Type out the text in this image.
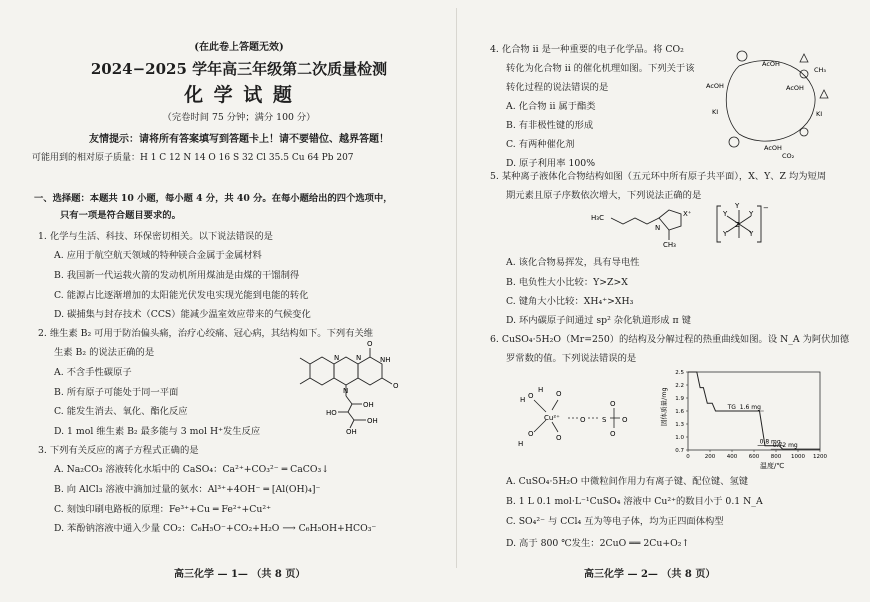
(在此卷上答题无效)
2024−2025 学年高三年级第二次质量检测
化 学 试 题
（完卷时间 75 分钟；满分 100 分）
友情提示：请将所有答案填写到答题卡上！请不要错位、越界答题！
可能用到的相对原子质量：H 1 C 12 N 14 O 16 S 32 Cl 35.5 Cu 64 Pb 207
一、选择题：本题共 10 小题，每小题 4 分，共 40 分。在每小题给出的四个选项中，
只有一项是符合题目要求的。
1. 化学与生活、科技、环保密切相关。以下说法错误的是
A. 应用于航空航天领域的特种镁合金属于金属材料
B. 我国新一代运载火箭的发动机所用煤油是由煤的干馏制得
C. 能源占比逐渐增加的太阳能光伏发电实现光能到电能的转化
D. 碳捕集与封存技术（CCS）能减少温室效应带来的气候变化
2. 维生素 B₂ 可用于防治偏头痛，治疗心绞痛、冠心病，其结构如下。下列有关维
生素 B₂ 的说法正确的是
A. 不含手性碳原子
B. 所有原子可能处于同一平面
C. 能发生消去、氧化、酯化反应
D. 1 mol 维生素 B₂ 最多能与 3 mol H⁺发生反应
N N	NH
O
O
N
OH
HO
OH
OH
3. 下列有关反应的离子方程式正确的是
A. Na₂CO₃ 溶液转化水垢中的 CaSO₄：Ca²⁺+CO₃²⁻ ═ CaCO₃↓
B. 向 AlCl₃ 溶液中滴加过量的氨水：Al³⁺+4OH⁻ ═ [Al(OH)₄]⁻
C. 刻蚀印刷电路板的原理：Fe³⁺+Cu ═ Fe²⁺+Cu²⁺
D. 苯酚钠溶液中通入少量 CO₂：C₆H₅O⁻+CO₂+H₂O ⟶ C₆H₅OH+HCO₃⁻
高三化学 — 1— （共 8 页）
4. 化合物 ii 是一种重要的电子化学品。将 CO₂
转化为化合物 ii 的催化机理如图。下列关于该
转化过程的说法错误的是
A. 化合物 ii 属于酯类
B. 有非极性键的形成
C. 有两种催化剂
D. 原子利用率 100%
AcOH
AcOH	AcOH
KI	KI
AcOH
CH₃
CO₂
5. 某种离子液体化合物结构如图（五元环中所有原子共平面），X、Y、Z 均为短周
期元素且原子序数依次增大，下列说法正确的是
H₃C
N
X⁺
CH₃
Y
Y	Y
Z
Y	Y
−
A. 该化合物易挥发，具有导电性
B. 电负性大小比较：Y>Z>X
C. 键角大小比较：XH₄⁺>XH₃
D. 环内碳原子间通过 sp² 杂化轨道形成 π 键
6. CuSO₄·5H₂O（Mr=250）的结构及分解过程的热重曲线如图。设 N_A 为阿伏加德
罗常数的值。下列说法错误的是
H O
H
Cu²⁺
O
H
O
O
O S
O
O
O	固体质量/mg
温度/℃
0.7
1.0
1.3
1.6
1.9
2.2
2.5
0	200 400 600 800 1000 1200
TG 1.6 mg
0.8 mg
0.72 mg
A. CuSO₄·5H₂O 中微粒间作用力有离子键、配位键、氢键
B. 1 L 0.1 mol·L⁻¹CuSO₄ 溶液中 Cu²⁺的数目小于 0.1 N_A
C. SO₄²⁻ 与 CCl₄ 互为等电子体，均为正四面体构型
D. 高于 800 ℃发生：2CuO ══ 2Cu+O₂↑
高三化学 — 2— （共 8 页）
